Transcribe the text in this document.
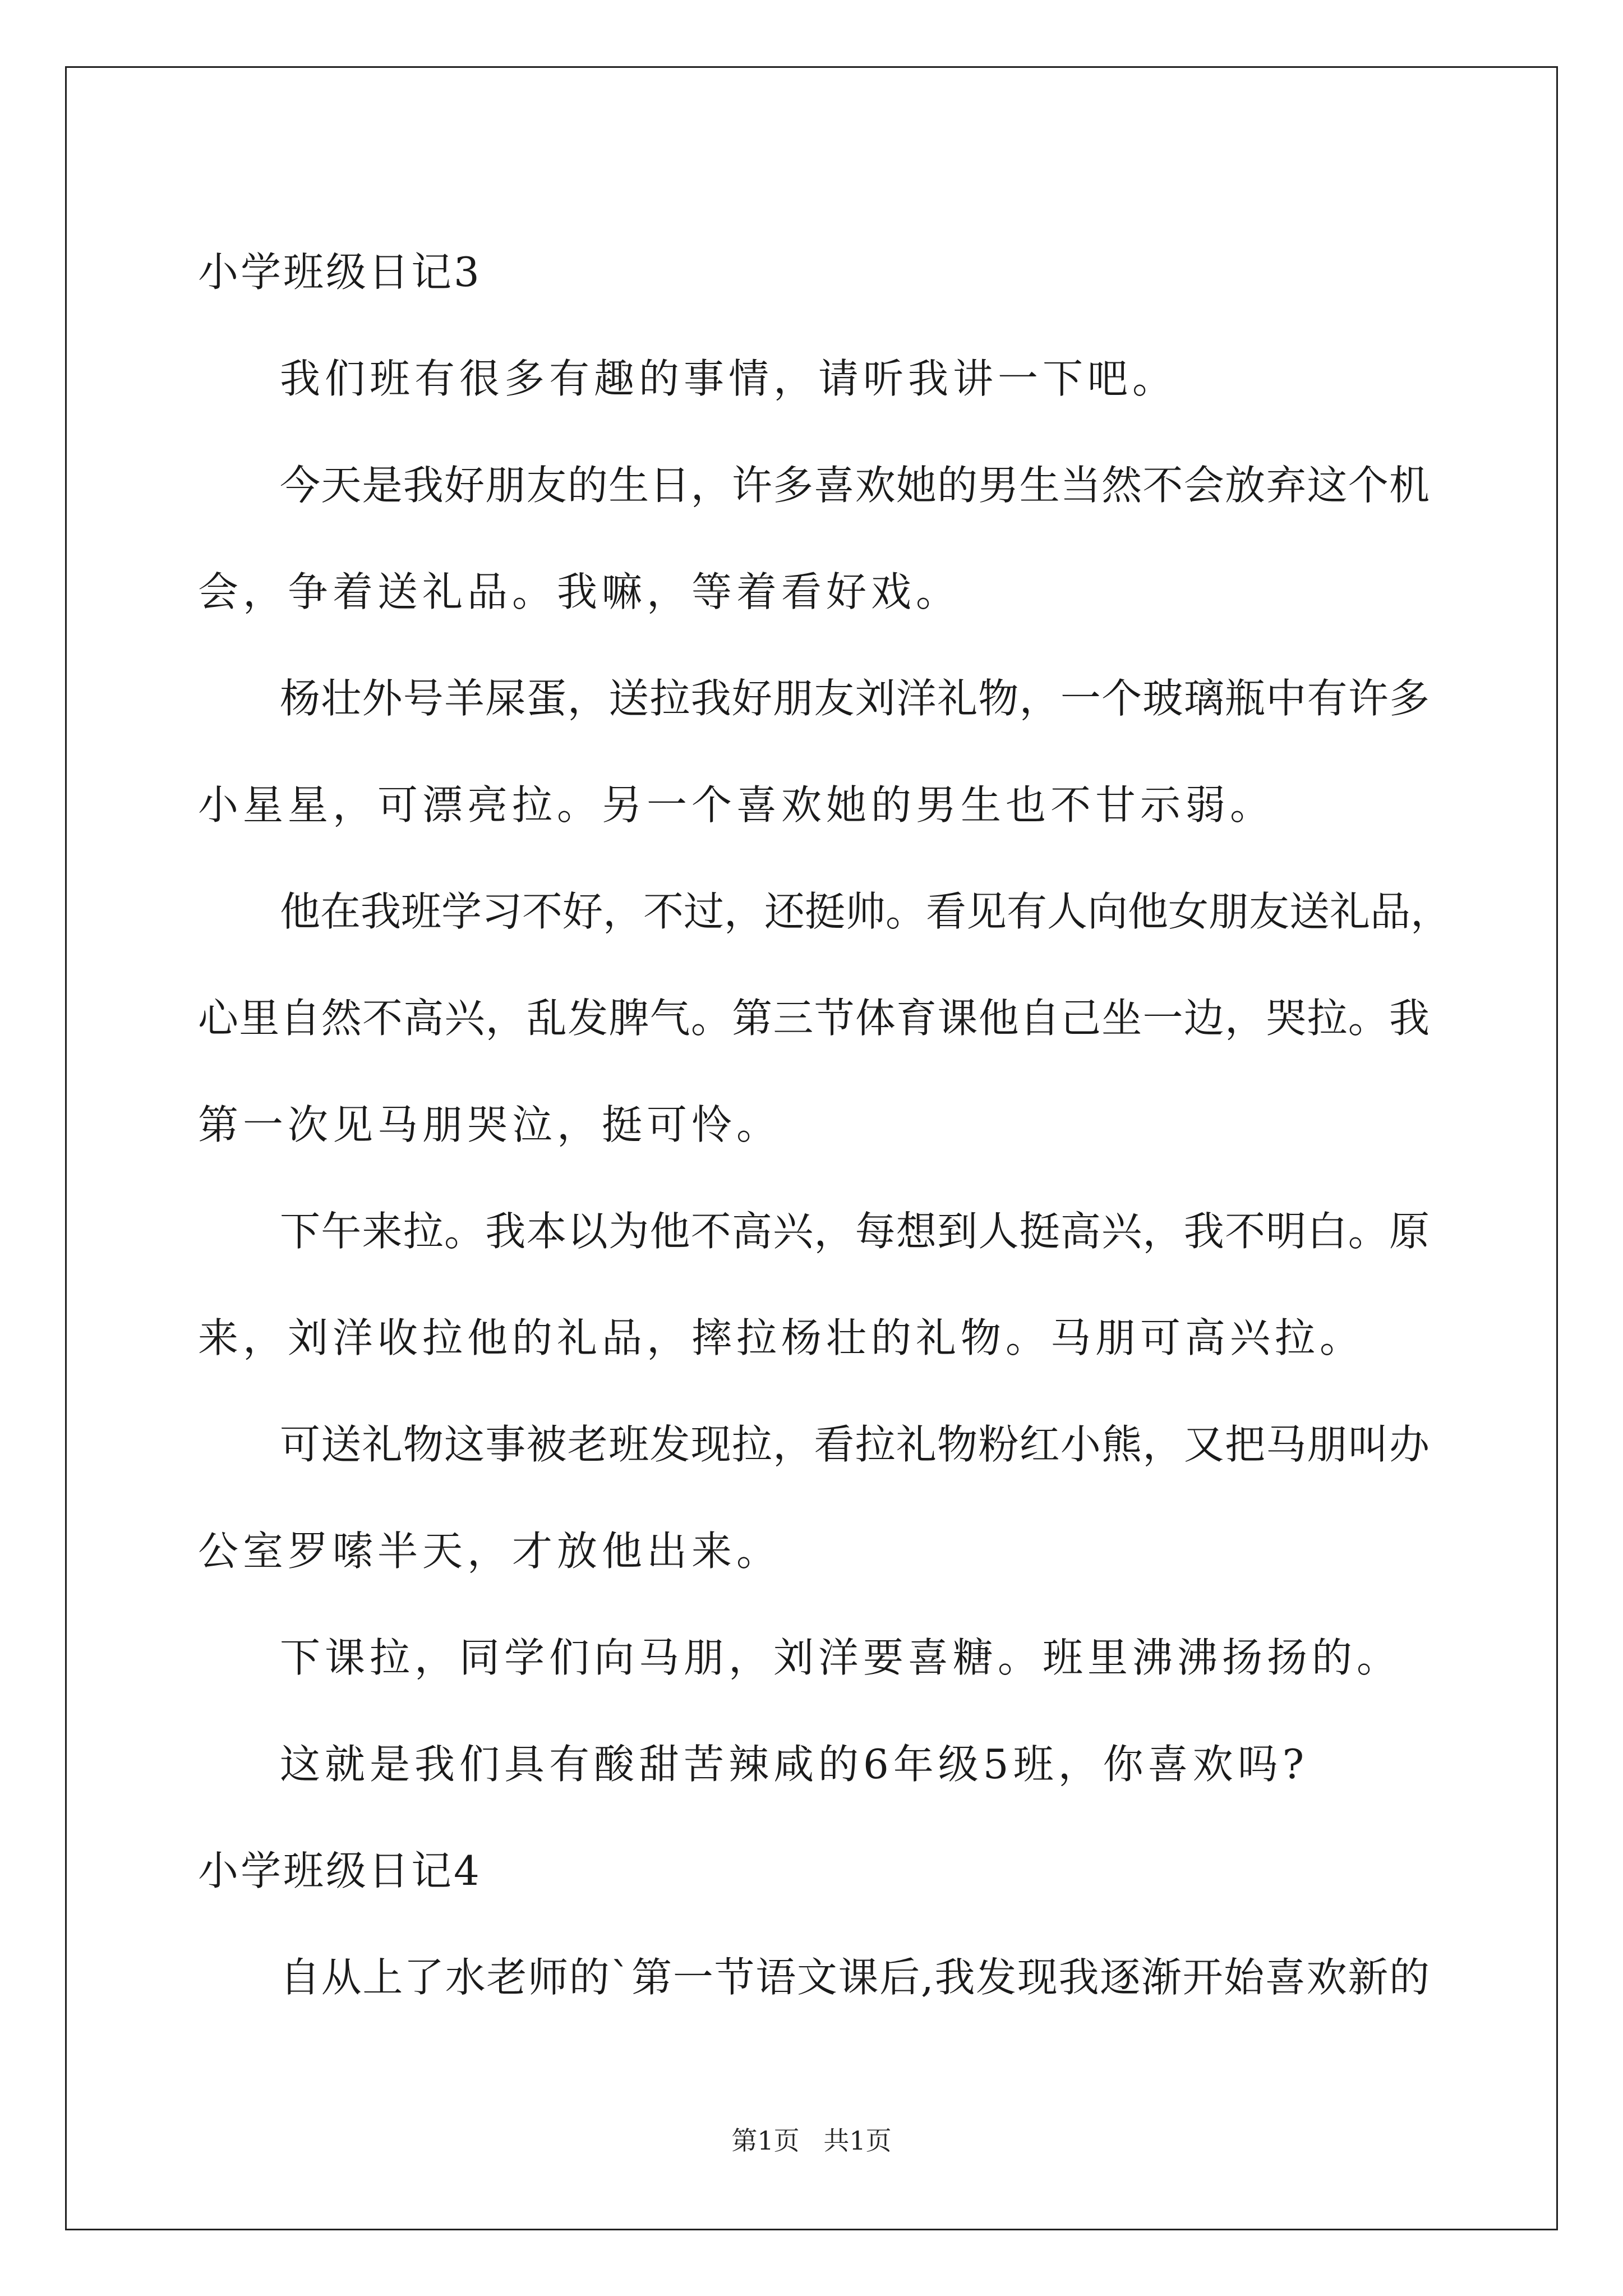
小学班级日记3
我们班有很多有趣的事情，请听我讲一下吧。
今天是我好朋友的生日，许多喜欢她的男生当然不会放弃这个机
会，争着送礼品。我嘛，等着看好戏。
杨壮外号羊屎蛋，送拉我好朋友刘洋礼物，一个玻璃瓶中有许多
小星星，可漂亮拉。另一个喜欢她的男生也不甘示弱。
他在我班学习不好，不过，还挺帅。看见有人向他女朋友送礼品，
心里自然不高兴，乱发脾气。第三节体育课他自己坐一边，哭拉。我
第一次见马朋哭泣，挺可怜。
下午来拉。我本以为他不高兴，每想到人挺高兴，我不明白。原
来，刘洋收拉他的礼品，摔拉杨壮的礼物。马朋可高兴拉。
可送礼物这事被老班发现拉，看拉礼物粉红小熊，又把马朋叫办
公室罗嗦半天，才放他出来。
下课拉，同学们向马朋，刘洋要喜糖。班里沸沸扬扬的。
这就是我们具有酸甜苦辣咸的6年级5班，你喜欢吗?
小学班级日记4
自从上了水老师的`第一节语文课后,我发现我逐渐开始喜欢新的
第1页 共1页
